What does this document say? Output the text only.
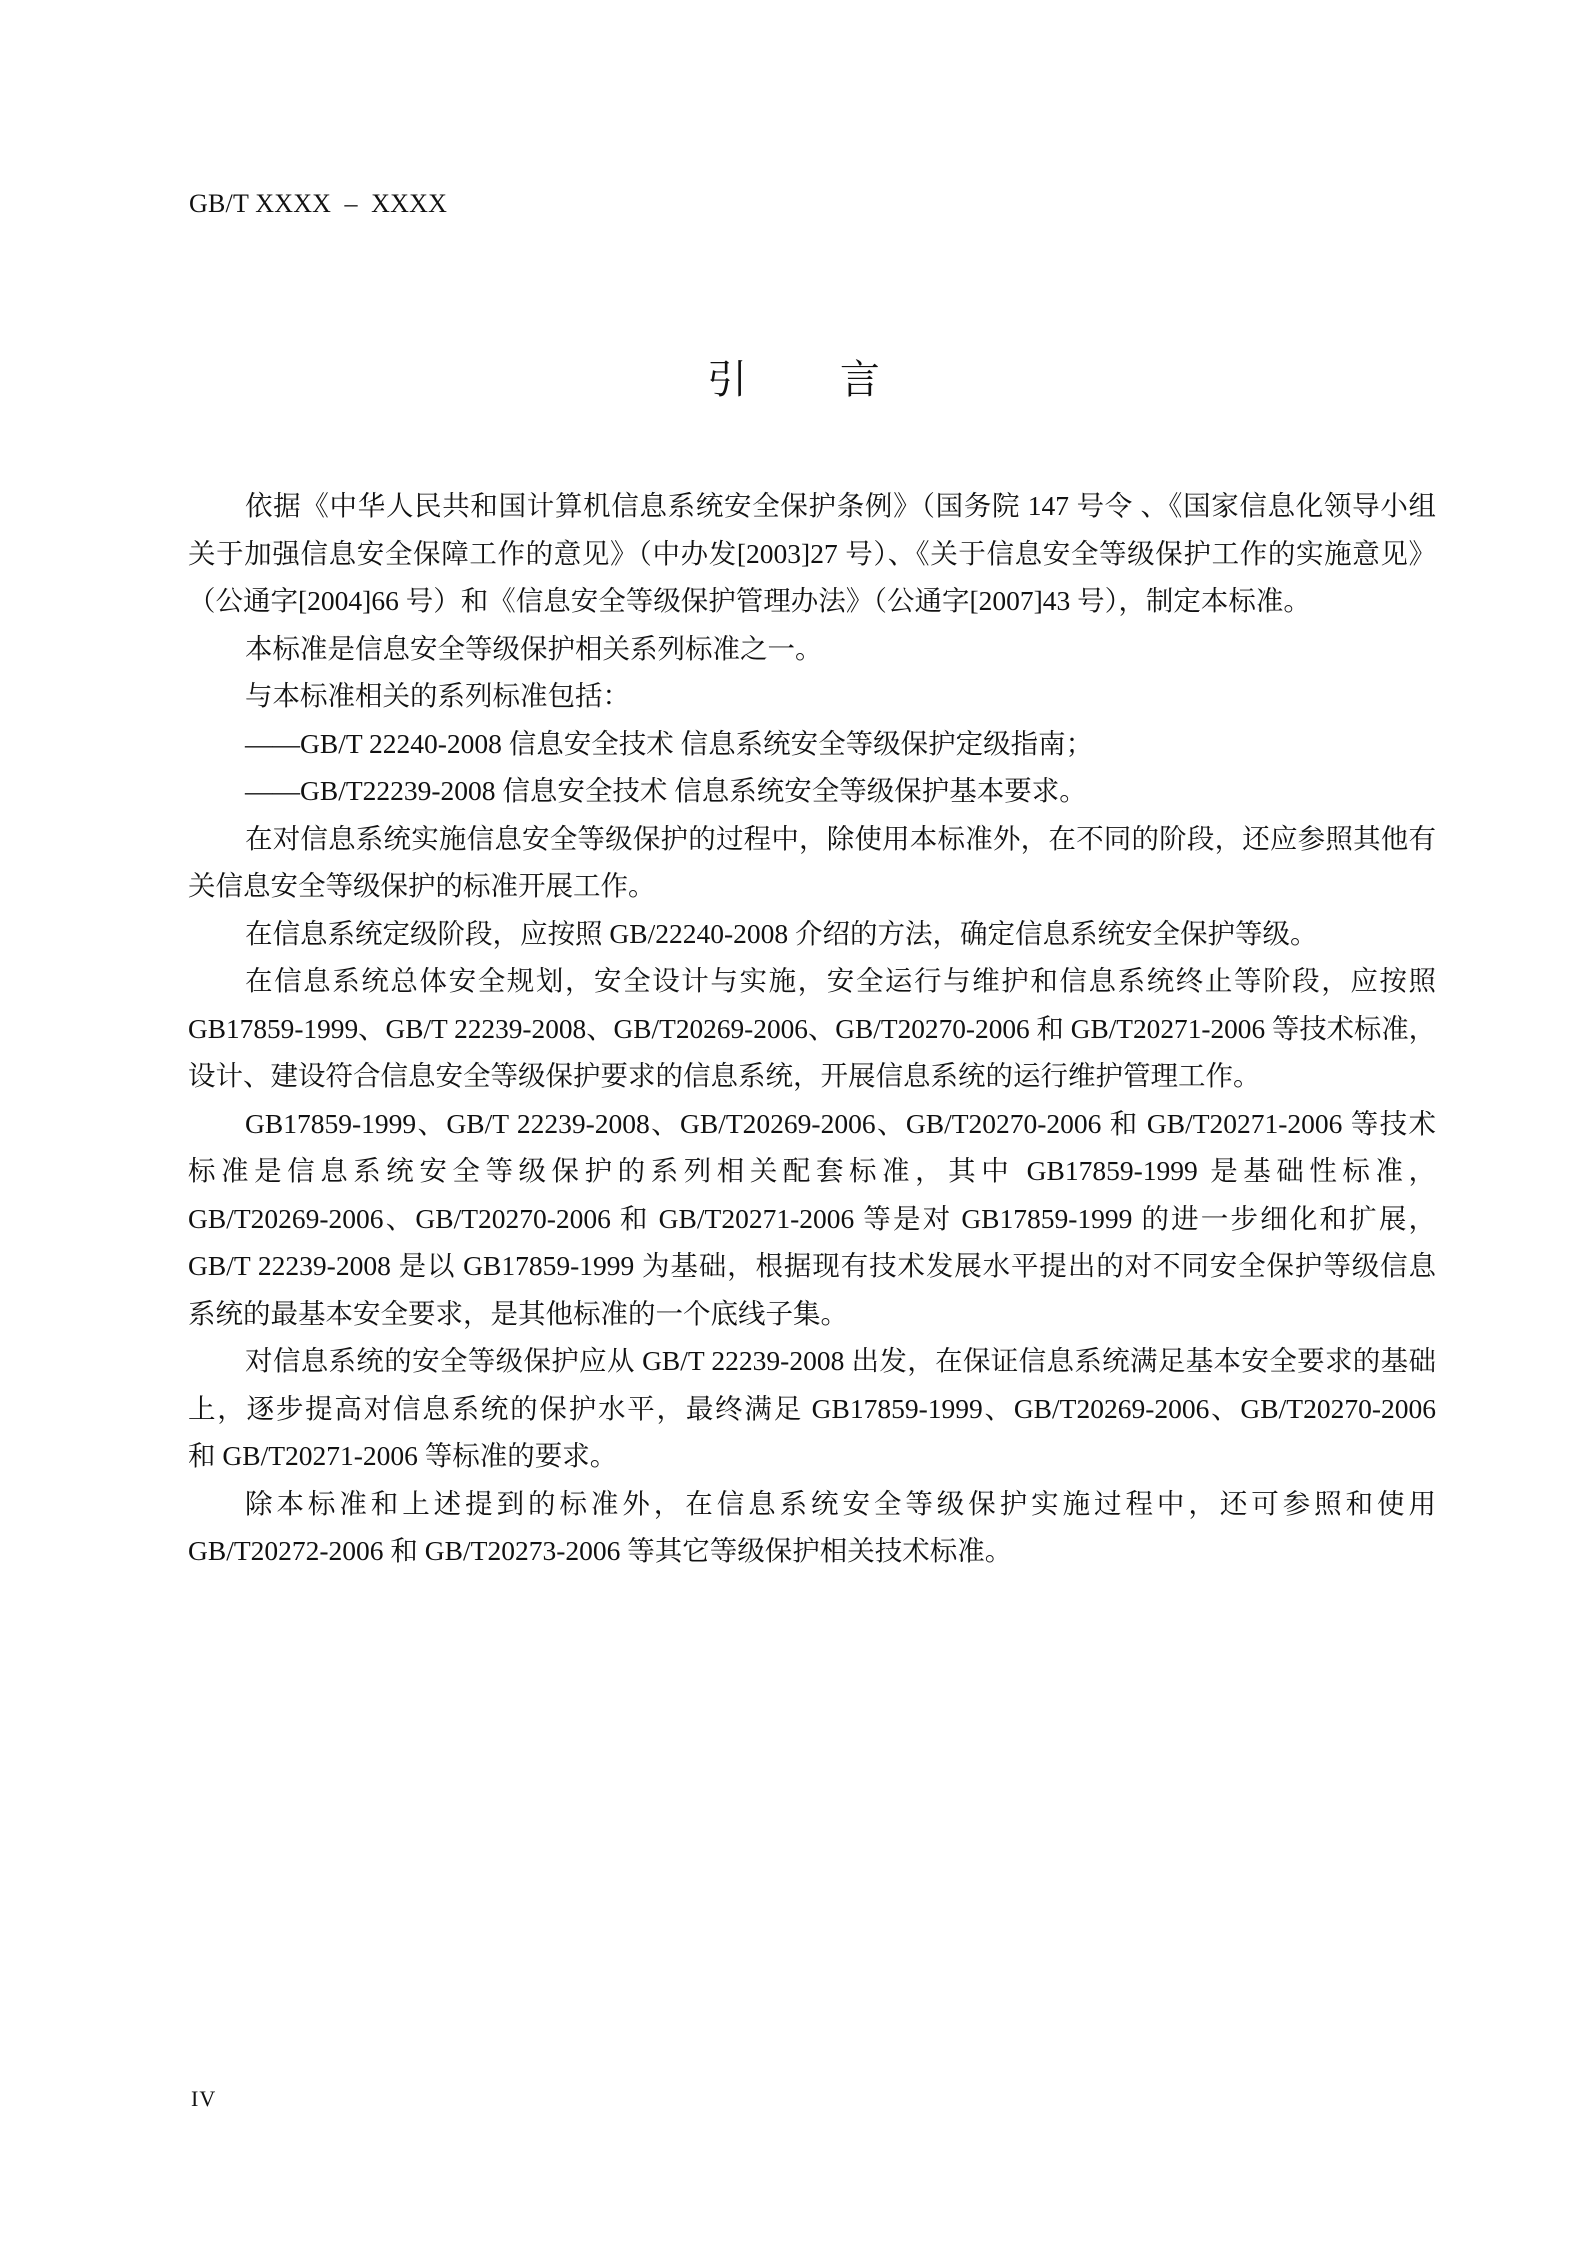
GB/T XXXX  –  XXXX
引 言
依据《中华人民共和国计算机信息系统安全保护条例》（国务院 147 号令 、《国家信息化领导小组
关于加强信息安全保障工作的意见》（中办发[2003]27 号）、《关于信息安全等级保护工作的实施意见》
（公通字[2004]66 号）和《信息安全等级保护管理办法》（公通字[2007]43 号），制定本标准。
本标准是信息安全等级保护相关系列标准之一。
与本标准相关的系列标准包括：
——GB/T 22240-2008 信息安全技术 信息系统安全等级保护定级指南；
——GB/T22239-2008 信息安全技术 信息系统安全等级保护基本要求。
在对信息系统实施信息安全等级保护的过程中，除使用本标准外，在不同的阶段，还应参照其他有
关信息安全等级保护的标准开展工作。
在信息系统定级阶段，应按照 GB/22240-2008 介绍的方法，确定信息系统安全保护等级。
在信息系统总体安全规划，安全设计与实施，安全运行与维护和信息系统终止等阶段，应按照
GB17859-1999、GB/T 22239-2008、GB/T20269-2006、GB/T20270-2006 和 GB/T20271-2006 等技术标准，
设计、建设符合信息安全等级保护要求的信息系统，开展信息系统的运行维护管理工作。
GB17859-1999、GB/T 22239-2008、GB/T20269-2006、GB/T20270-2006 和 GB/T20271-2006 等技术
标准是信息系统安全等级保护的系列相关配套标准，其中 GB17859-1999 是基础性标准，
GB/T20269-2006、GB/T20270-2006 和 GB/T20271-2006 等是对 GB17859-1999 的进一步细化和扩展，
GB/T 22239-2008 是以 GB17859-1999 为基础，根据现有技术发展水平提出的对不同安全保护等级信息
系统的最基本安全要求，是其他标准的一个底线子集。
对信息系统的安全等级保护应从 GB/T 22239-2008 出发，在保证信息系统满足基本安全要求的基础
上，逐步提高对信息系统的保护水平，最终满足 GB17859-1999、GB/T20269-2006、GB/T20270-2006
和 GB/T20271-2006 等标准的要求。
除本标准和上述提到的标准外，在信息系统安全等级保护实施过程中，还可参照和使用
GB/T20272-2006 和 GB/T20273-2006 等其它等级保护相关技术标准。
IV
